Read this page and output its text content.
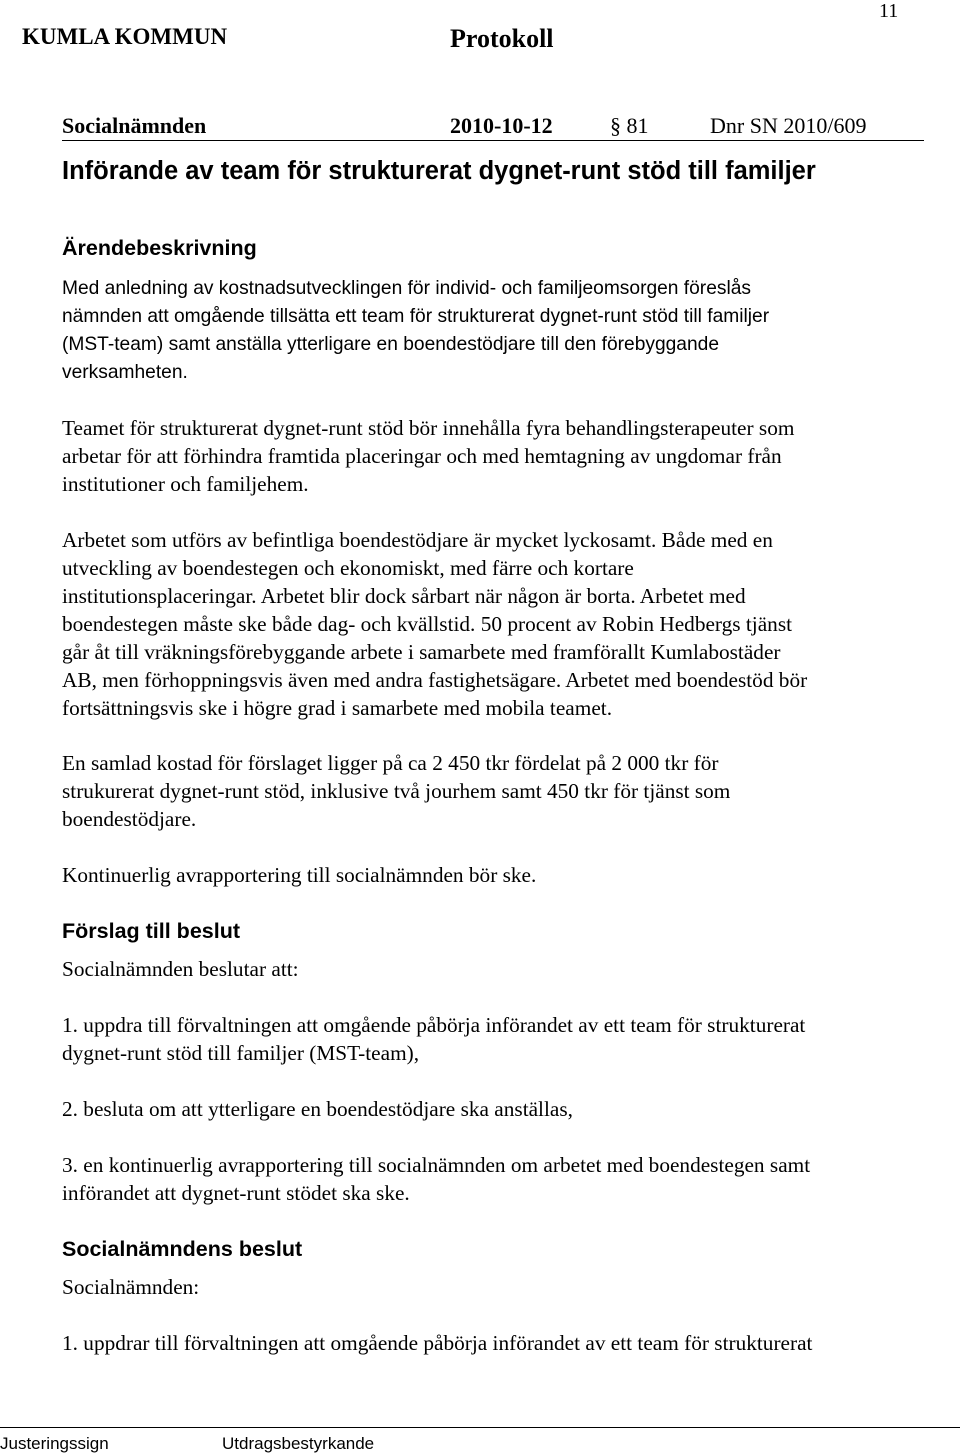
11
KUMLA KOMMUN	Protokoll
Socialnämnden	2010-10-12	§ 81	Dnr SN 2010/609
Införande av team för strukturerat dygnet-runt stöd till familjer
Ärendebeskrivning
Med anledning av kostnadsutvecklingen för individ- och familjeomsorgen föreslås
nämnden att omgående tillsätta ett team för strukturerat dygnet-runt stöd till familjer
(MST-team) samt anställa ytterligare en boendestödjare till den förebyggande
verksamheten.
Teamet för strukturerat dygnet-runt stöd bör innehålla fyra behandlingsterapeuter som
arbetar för att förhindra framtida placeringar och med hemtagning av ungdomar från
institutioner och familjehem.
Arbetet som utförs av befintliga boendestödjare är mycket lyckosamt. Både med en
utveckling av boendestegen och ekonomiskt, med färre och kortare
institutionsplaceringar. Arbetet blir dock sårbart när någon är borta. Arbetet med
boendestegen måste ske både dag- och kvällstid. 50 procent av Robin Hedbergs tjänst
går åt till vräkningsförebyggande arbete i samarbete med framförallt Kumlabostäder
AB, men förhoppningsvis även med andra fastighetsägare. Arbetet med boendestöd bör
fortsättningsvis ske i högre grad i samarbete med mobila teamet.
En samlad kostad för förslaget ligger på ca 2 450 tkr fördelat på 2 000 tkr för
strukurerat dygnet-runt stöd, inklusive två jourhem samt 450 tkr för tjänst som
boendestödjare.
Kontinuerlig avrapportering till socialnämnden bör ske.
Förslag till beslut
Socialnämnden beslutar att:
1. uppdra till förvaltningen att omgående påbörja införandet av ett team för strukturerat
dygnet-runt stöd till familjer (MST-team),
2. besluta om att ytterligare en boendestödjare ska anställas,
3. en kontinuerlig avrapportering till socialnämnden om arbetet med boendestegen samt
införandet att dygnet-runt stödet ska ske.
Socialnämndens beslut
Socialnämnden:
1. uppdrar till förvaltningen att omgående påbörja införandet av ett team för strukturerat
Justeringssign	Utdragsbestyrkande
